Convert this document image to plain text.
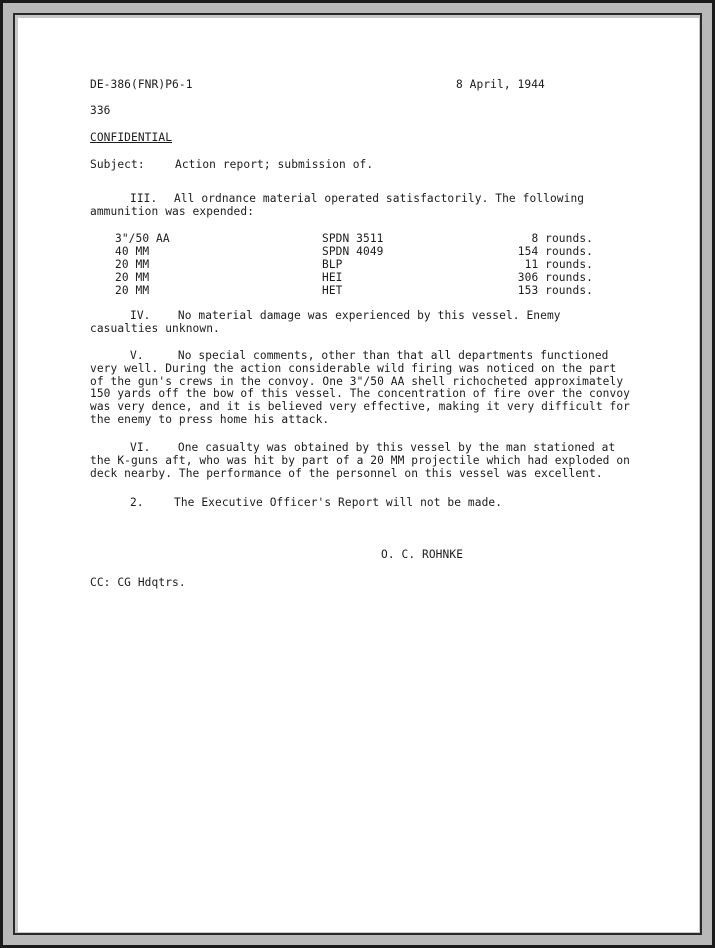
DE-386(FNR)P6-1	8 April, 1944
336
CONFIDENTIAL
Subject:	Action report; submission of.
III. All ordnance material operated satisfactorily. The following
ammunition was expended:
3"/50 AA	SPDN 3511	8 rounds.
40 MM	SPDN 4049	154 rounds.
20 MM	BLP	11 rounds.
20 MM	HEI	306 rounds.
20 MM	HET	153 rounds.
IV. No material damage was experienced by this vessel. Enemy casualties unknown.
V.	No special comments, other than that all departments functioned very well. During the action considerable wild firing was noticed on the part of the gun's crews in the convoy. One 3"/50 AA shell richocheted approximately 150 yards off the bow of this vessel. The concentration of fire over the convoy was very dence, and it is believed very effective, making it very difficult for the enemy to press home his attack.
VI. One casualty was obtained by this vessel by the man stationed at the K-guns aft, who was hit by part of a 20 MM projectile which had exploded on deck nearby. The performance of the personnel on this vessel was excellent.
2.	The Executive Officer's Report will not be made.
O. C. ROHNKE
CC: CG Hdqtrs.
